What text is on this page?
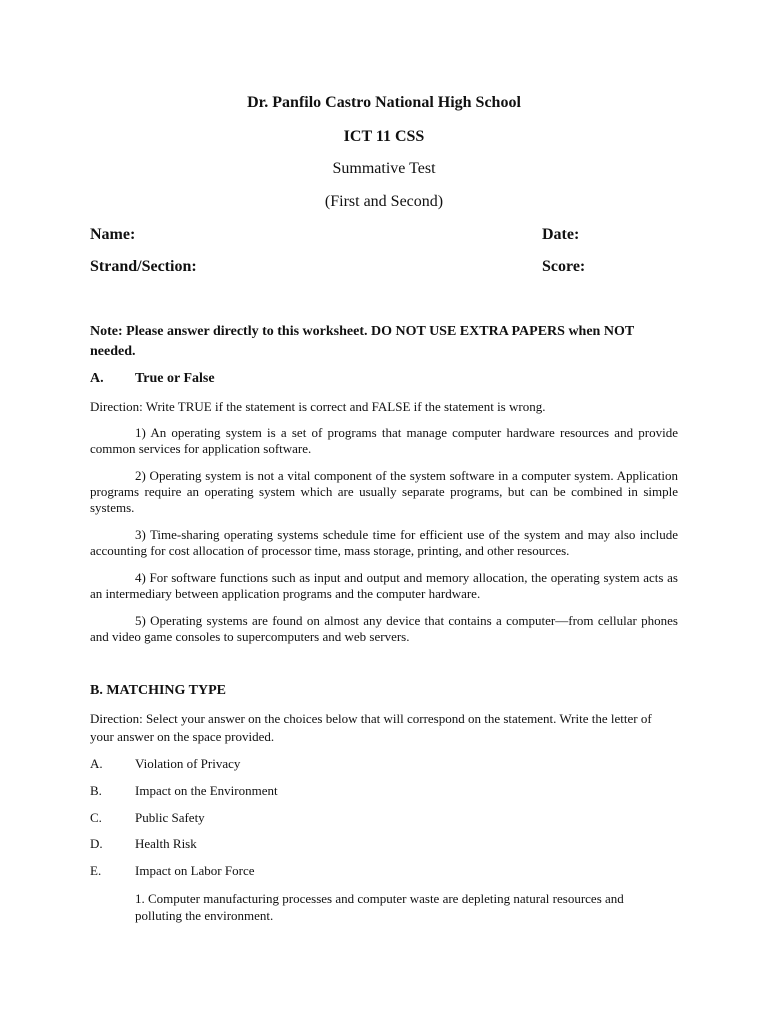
Dr. Panfilo Castro National High School
ICT 11 CSS
Summative Test
(First and Second)
Name:	Date:
Strand/Section:	Score:
Note: Please answer directly to this worksheet. DO NOT USE EXTRA PAPERS when NOT needed.
A. True or False
Direction: Write TRUE if the statement is correct and FALSE if the statement is wrong.
1) An operating system is a set of programs that manage computer hardware resources and provide common services for application software.
2) Operating system is not a vital component of the system software in a computer system. Application programs require an operating system which are usually separate programs, but can be combined in simple systems.
3) Time-sharing operating systems schedule time for efficient use of the system and may also include accounting for cost allocation of processor time, mass storage, printing, and other resources.
4) For software functions such as input and output and memory allocation, the operating system acts as an intermediary between application programs and the computer hardware.
5) Operating systems are found on almost any device that contains a computer—from cellular phones and video game consoles to supercomputers and web servers.
B. MATCHING TYPE
Direction: Select your answer on the choices below that will correspond on the statement. Write the letter of your answer on the space provided.
A. Violation of Privacy
B.	Impact on the Environment
C.	Public Safety
D. Health Risk
E.	Impact on Labor Force
1. Computer manufacturing processes and computer waste are depleting natural resources and polluting the environment.
